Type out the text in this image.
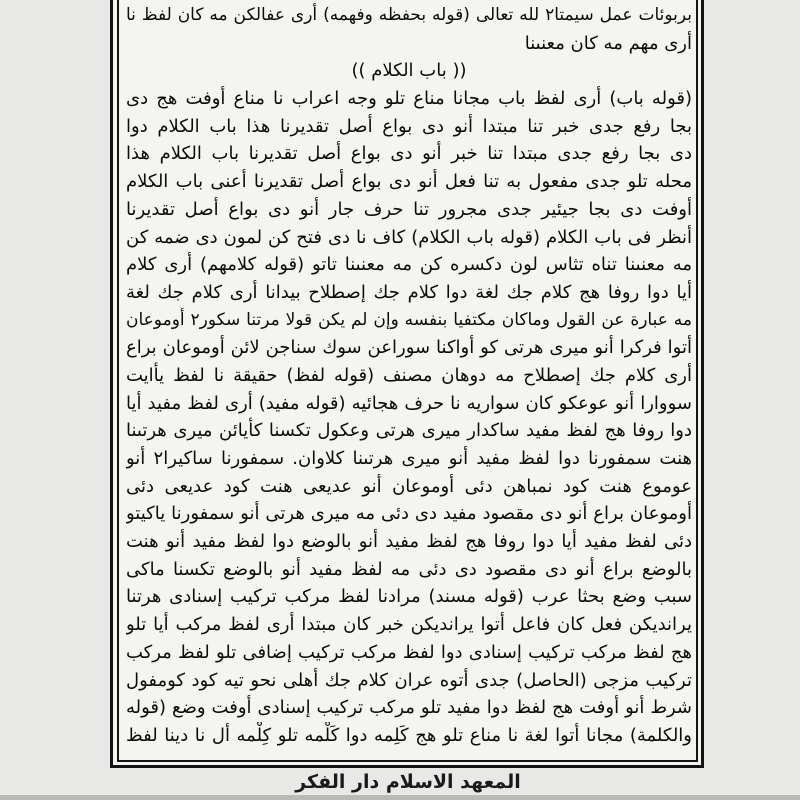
بربوئات عمل سيمتا٢ لله تعالى (قوله بحفظه وفهمه) أرى عفالكن مه كان لفظ نا
أرى مهم مه كان معنىنا
(( باب الكلام ))
(قوله باب) أرى لفظ باب مجانا مناع تلو وجه اعراب نا مناع أوفت هج دى
بجا رفع جدى خبر تنا مبتدا أنو دى بواع أصل تقديرنا هذا باب الكلام دوا
دى بجا رفع جدى مبتدا تنا خبر أنو دى بواع أصل تقديرنا باب الكلام هذا
محله تلو جدى مفعول به تنا فعل أنو دى بواع أصل تقديرنا أعنى باب الكلام
أوفت دى بجا جيئير جدى مجرور تنا حرف جار أنو دى بواع أصل تقديرنا
أنظر فى باب الكلام (قوله باب الكلام) كاف نا دى فتح كن لمون دى ضمه كن
مه معنىنا تناه تثاس لون دكسره كن مه معنىنا تاتو (قوله كلامهم) أرى كلام
أيا دوا روفا هج كلام جك لغة دوا كلام جك إصطلاح بيدانا أرى كلام جك لغة
مه عبارة عن القول وماكان مكتفيا بنفسه وإن لم يكن قولا مرتنا سكور٢ أوموعان
أتوا فركرا أنو ميرى هرتى كو أواكنا سوراعن سوك سناجن لائن أوموعان براع
أرى كلام جك إصطلاح مه دوهان مصنف (قوله لفظ) حقيقة نا لفظ يأايت
سووارا أنو عوعكو كان سواريه نا حرف هجائيه (قوله مفيد) أرى لفظ مفيد أيا
دوا روفا هج لفظ مفيد ساكدار ميرى هرتى وعكول تكسنا كأيائن ميرى هرتىنا
هنت سمفورنا دوا لفظ مفيد أنو ميرى هرتىنا كلاوان. سمفورنا ساكيرا٢ أنو
عوموع هنت كود نمباهن دئى أوموعان أنو عديعى هنت كود عديعى دئى
أوموعان براع أنو دى مقصود مفيد دى دئى مه ميرى هرتى أنو سمفورنا ياكيتو
دئى لفظ مفيد أيا دوا روفا هج لفظ مفيد أنو بالوضع دوا لفظ مفيد أنو هنت
بالوضع براع أنو دى مقصود دى دئى مه لفظ مفيد أنو بالوضع تكسنا ماكى
سبب وضع بحثا عرب (قوله مسند) مرادنا لفظ مركب تركيب إسنادى هرتنا
يرانديكن فعل كان فاعل أتوا يرانديكن خبر كان مبتدا أرى لفظ مركب أيا تلو
هج لفظ مركب تركيب إسنادى دوا لفظ مركب تركيب إضافى تلو لفظ مركب
تركيب مزجى (الحاصل) جدى أتوه عران كلام جك أهلى نحو تيه كود كومفول
شرط أنو أوفت هج لفظ دوا مفيد تلو مركب تركيب إسنادى أوفت وضع (قوله
والكلمة) مجانا أتوا لغة نا مناع تلو هج كَلِمه دوا كَلْمه تلو كِلْمه أل نا دينا لفظ
المعهد الاسلام دار الفكر
